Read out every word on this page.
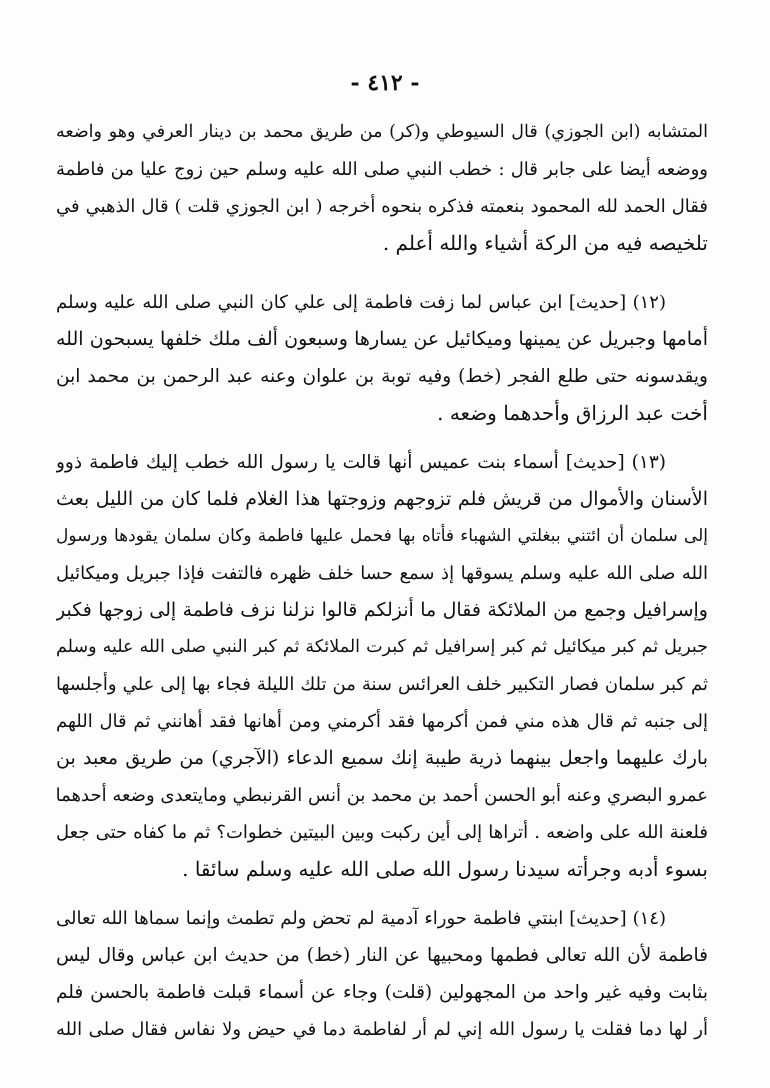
- ٤١٢ -
المتشابه (ابن الجوزي) قال السيوطي و(كر) من طريق محمد بن دينار العرفي وهو واضعه
ووضعه أيضا على جابر قال : خطب النبي صلى الله عليه وسلم حين زوج عليا من فاطمة
فقال الحمد لله المحمود بنعمته فذكره بنحوه أخرجه ( ابن الجوزي قلت ) قال الذهبي في
تلخيصه فيه من الركة أشياء والله أعلم .
(١٢) [حديث] ابن عباس لما زفت فاطمة إلى علي كان النبي صلى الله عليه وسلم
أمامها وجبريل عن يمينها وميكائيل عن يسارها وسبعون ألف ملك خلفها يسبحون الله
ويقدسونه حتى طلع الفجر (خط) وفيه توبة بن علوان وعنه عبد الرحمن بن محمد ابن
أخت عبد الرزاق وأحدهما وضعه .
(١٣) [حديث] أسماء بنت عميس أنها قالت يا رسول الله خطب إليك فاطمة ذوو
الأسنان والأموال من قريش فلم تزوجهم وزوجتها هذا الغلام فلما كان من الليل بعث
إلى سلمان أن ائتني ببغلتي الشهباء فأتاه بها فحمل عليها فاطمة وكان سلمان يقودها ورسول
الله صلى الله عليه وسلم يسوقها إذ سمع حسا خلف ظهره فالتفت فإذا جبريل وميكائيل
وإسرافيل وجمع من الملائكة فقال ما أنزلكم قالوا نزلنا نزف فاطمة إلى زوجها فكبر
جبريل ثم كبر ميكائيل ثم كبر إسرافيل ثم كبرت الملائكة ثم كبر النبي صلى الله عليه وسلم
ثم كبر سلمان فصار التكبير خلف العرائس سنة من تلك الليلة فجاء بها إلى علي وأجلسها
إلى جنبه ثم قال هذه مني فمن أكرمها فقد أكرمني ومن أهانها فقد أهانني ثم قال اللهم
بارك عليهما واجعل بينهما ذرية طيبة إنك سميع الدعاء (الآجري) من طريق معبد بن
عمرو البصري وعنه أبو الحسن أحمد بن محمد بن أنس القرنبطي ومايتعدى وضعه أحدهما
فلعنة الله على واضعه . أتراها إلى أين ركبت وبين البيتين خطوات؟ ثم ما كفاه حتى جعل
بسوء أدبه وجرأته سيدنا رسول الله صلى الله عليه وسلم سائقا .
(١٤) [حديث] ابنتي فاطمة حوراء آدمية لم تحض ولم تطمث وإنما سماها الله تعالى
فاطمة لأن الله تعالى فطمها ومحبيها عن النار (خط) من حديث ابن عباس وقال ليس
بثابت وفيه غير واحد من المجهولين (قلت) وجاء عن أسماء قبلت فاطمة بالحسن فلم
أر لها دما فقلت يا رسول الله إني لم أر لفاطمة دما في حيض ولا نفاس فقال صلى الله
